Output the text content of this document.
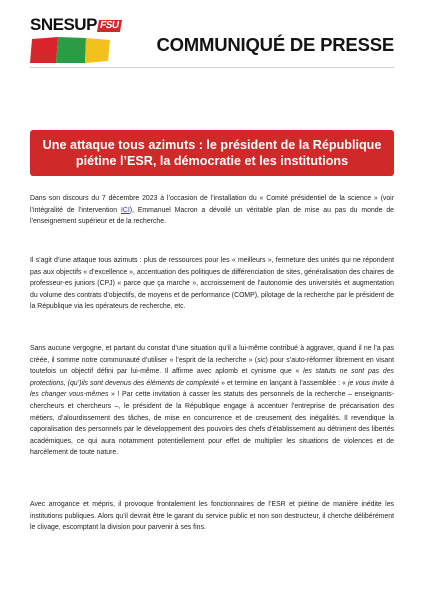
SNESUP FSU
COMMUNIQUÉ DE PRESSE
Une attaque tous azimuts : le président de la République
piétine l’ESR, la démocratie et les institutions

Dans son discours du 7 décembre 2023 à l’occasion de l’installation du « Comité présidentiel de la science » (voir l’intégralité de l’intervention ICI), Emmanuel Macron a dévoilé un véritable plan de mise au pas du monde de l’enseignement supérieur et de la recherche.

Il s’agit d’une attaque tous azimuts : plus de ressources pour les « meilleurs », fermeture des unités qui ne répondent pas aux objectifs « d’excellence », accentuation des politiques de différenciation de sites, généralisation des chaires de professeur-es juniors (CPJ) « parce que ça marche », accroissement de l’autonomie des universités et augmentation du volume des contrats d’objectifs, de moyens et de performance (COMP), pilotage de la recherche par le président de la République via les opérateurs de recherche, etc.

Sans aucune vergogne, et partant du constat d’une situation qu’il a lui-même contribué à aggraver, quand il ne l’a pas créée, il somme notre communauté d’utiliser « l’esprit de la recherche » (sic) pour s’auto-réformer librement en visant toutefois un objectif défini par lui-même. Il affirme avec aplomb et cynisme que « les statuts ne sont pas des protections, (qu’)ils sont devenus des éléments de complexité » et termine en lançant à l’assemblée : « je vous invite à les changer vous-mêmes » ! Par cette invitation à casser les statuts des personnels de la recherche – enseignants-chercheurs et chercheurs –, le président de la République engage à accentuer l’entreprise de précarisation des métiers, d’alourdissement des tâches, de mise en concurrence et de creusement des inégalités. Il revendique la caporalisation des personnels par le développement des pouvoirs des chefs d’établissement au détriment des libertés académiques, ce qui aura notamment potentiellement pour effet de multiplier les situations de violences et de harcèlement de toute nature.

Avec arrogance et mépris, il provoque frontalement les fonctionnaires de l’ESR et piétine de manière inédite les institutions publiques. Alors qu’il devrait être le garant du service public et non son destructeur, il cherche délibérément le clivage, escomptant la division pour parvenir à ses fins.
